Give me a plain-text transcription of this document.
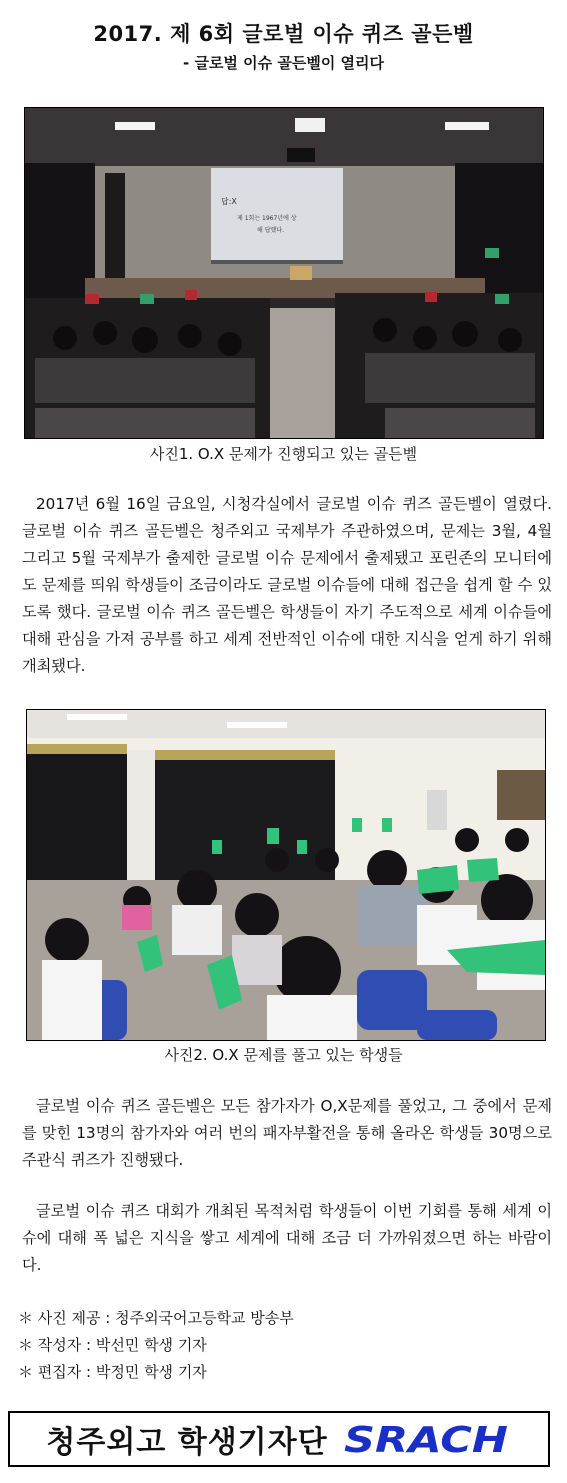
2017. 제 6회 글로벌 이슈 퀴즈 골든벨
- 글로벌 이슈 골든벨이 열리다
답:X
제 1회는 1967년에 상
해 답했다.
사진1. O.X 문제가 진행되고 있는 골든벨

2017년 6월 16일 금요일, 시청각실에서 글로벌 이슈 퀴즈 골든벨이 열렸다. 글로벌 이슈 퀴즈 골든벨은 청주외고 국제부가 주관하였으며, 문제는 3월, 4월 그리고 5월 국제부가 출제한 글로벌 이슈 문제에서 출제됐고 포린존의 모니터에도 문제를 띄워 학생들이 조금이라도 글로벌 이슈들에 대해 접근을 쉽게 할 수 있도록 했다. 글로벌 이슈 퀴즈 골든벨은 학생들이 자기 주도적으로 세계 이슈들에 대해 관심을 가져 공부를 하고 세계 전반적인 이슈에 대한 지식을 얻게 하기 위해 개최됐다.

사진2. O.X 문제를 풀고 있는 학생들

글로벌 이슈 퀴즈 골든벨은 모든 참가자가 O,X문제를 풀었고, 그 중에서 문제를 맞힌 13명의 참가자와 여러 번의 패자부활전을 통해 올라온 학생들 30명으로 주관식 퀴즈가 진행됐다.

글로벌 이슈 퀴즈 대회가 개최된 목적처럼 학생들이 이번 기회를 통해 세계 이슈에 대해 폭 넓은 지식을 쌓고 세계에 대해 조금 더 가까워졌으면 하는 바람이다.

＊ 사진 제공 : 청주외국어고등학교 방송부
＊ 작성자 : 박선민 학생 기자
＊ 편집자 : 박정민 학생 기자
청주외고 학생기자단 SRACH
